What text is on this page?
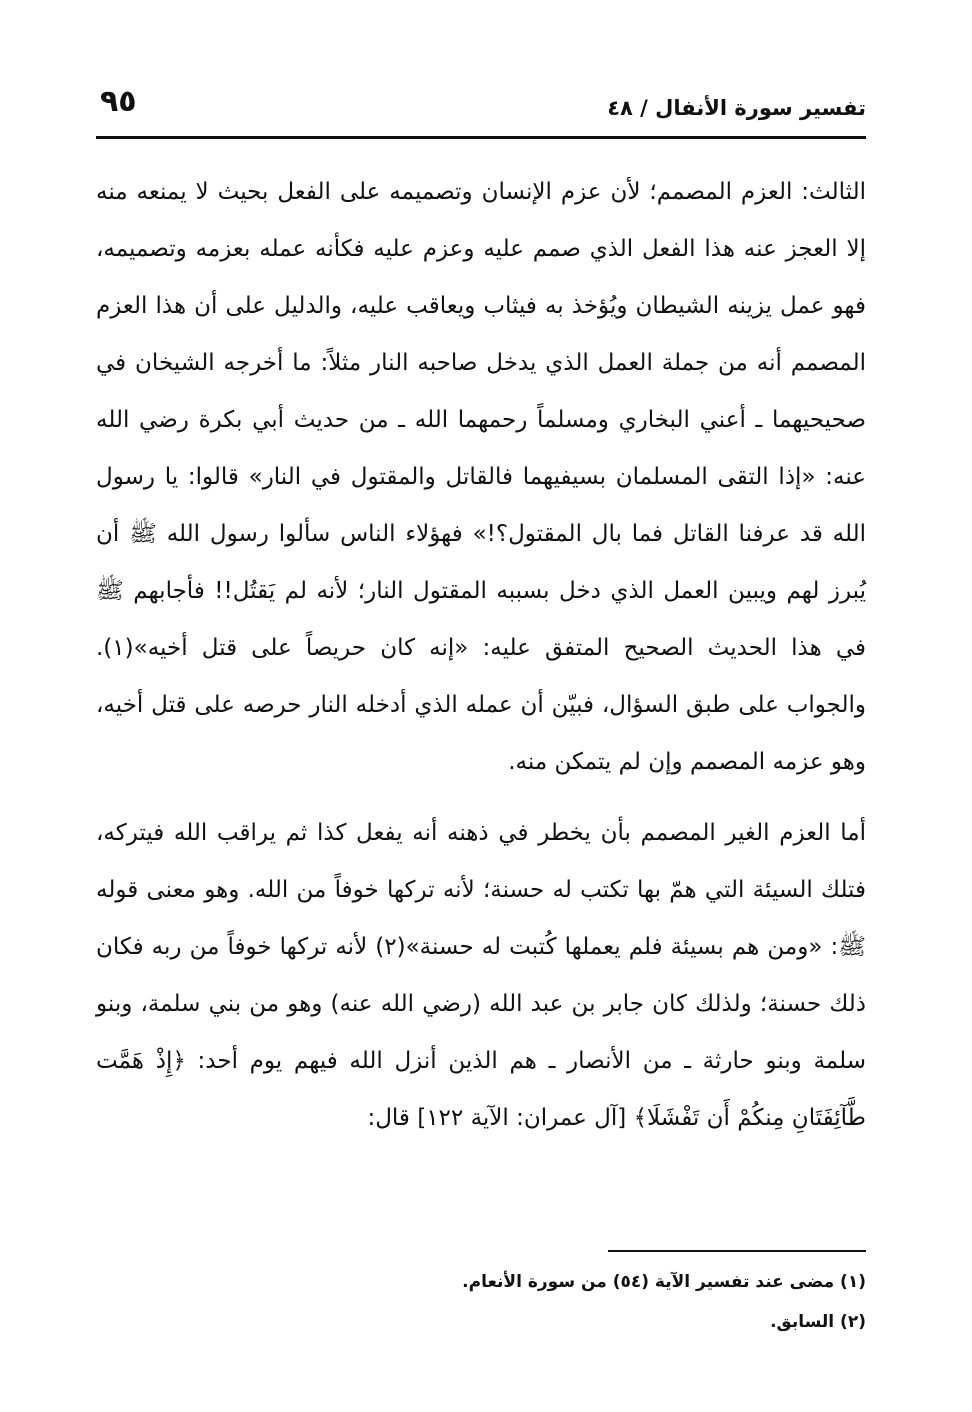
تفسير سورة الأنفال / ٤٨
٩٥

الثالث: العزم المصمم؛ لأن عزم الإنسان وتصميمه على الفعل بحيث لا يمنعه منه إلا العجز عنه هذا الفعل الذي صمم عليه وعزم عليه فكأنه عمله بعزمه وتصميمه، فهو عمل يزينه الشيطان ويُؤخذ به فيثاب ويعاقب عليه، والدليل على أن هذا العزم المصمم أنه من جملة العمل الذي يدخل صاحبه النار مثلاً: ما أخرجه الشيخان في صحيحيهما ـ أعني البخاري ومسلماً رحمهما الله ـ من حديث أبي بكرة رضي الله عنه: «إذا التقى المسلمان بسيفيهما فالقاتل والمقتول في النار» قالوا: يا رسول الله قد عرفنا القاتل فما بال المقتول؟!» فهؤلاء الناس سألوا رسول الله ﷺ أن يُبرز لهم ويبين العمل الذي دخل بسببه المقتول النار؛ لأنه لم يَقتُل!! فأجابهم ﷺ في هذا الحديث الصحيح المتفق عليه: «إنه كان حريصاً على قتل أخيه»(١). والجواب على طبق السؤال، فبيّن أن عمله الذي أدخله النار حرصه على قتل أخيه، وهو عزمه المصمم وإن لم يتمكن منه.

أما العزم الغير المصمم بأن يخطر في ذهنه أنه يفعل كذا ثم يراقب الله فيتركه، فتلك السيئة التي همّ بها تكتب له حسنة؛ لأنه تركها خوفاً من الله. وهو معنى قوله ﷺ: «ومن هم بسيئة فلم يعملها كُتبت له حسنة»(٢) لأنه تركها خوفاً من ربه فكان ذلك حسنة؛ ولذلك كان جابر بن عبد الله (رضي الله عنه) وهو من بني سلمة، وبنو سلمة وبنو حارثة ـ من الأنصار ـ هم الذين أنزل الله فيهم يوم أحد: ﴿إِذْ هَمَّت طَّآئِفَتَانِ مِنكُمْ أَن تَفْشَلَا﴾ [آل عمران: الآية ١٢٢] قال:

(١) مضى عند تفسير الآية (٥٤) من سورة الأنعام.

(٢) السابق.
